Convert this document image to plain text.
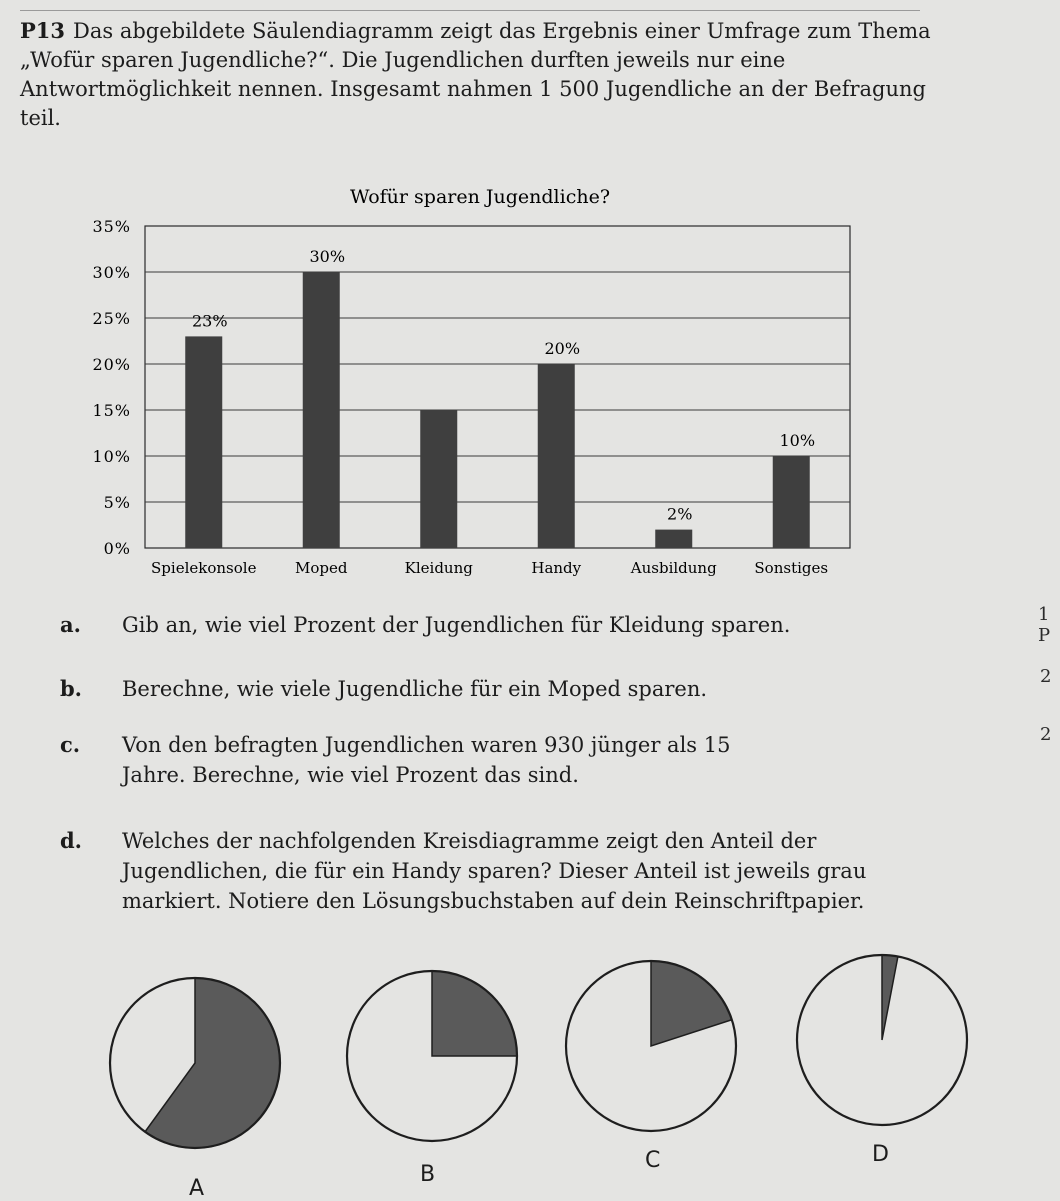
P13 Das abgebildete Säulendiagramm zeigt das Ergebnis einer Umfrage zum Thema „Wofür sparen Jugendliche?“. Die Jugendlichen durften jeweils nur eine Antwortmöglichkeit nennen. Insgesamt nahmen 1 500 Jugendliche an der Befragung teil.
Wofür sparen Jugendliche?
0%
5%
10%
15%
20%
25%
30%
35%
Spielekonsole
23%
Moped
30%
Kleidung	Handy
20%
Ausbildung
2%
Sonstiges
10%
a. Gib an, wie viel Prozent der Jugendlichen für Kleidung sparen.	1 P
b. Berechne, wie viele Jugendliche für ein Moped sparen.
2
c. Von den befragten Jugendlichen waren 930 jünger als 15 Jahre. Berechne, wie viel Prozent das sind.
2
d. Welches der nachfolgenden Kreisdiagramme zeigt den Anteil der Jugendlichen, die für ein Handy sparen? Dieser Anteil ist jeweils grau markiert. Notiere den Lösungsbuchstaben auf dein Reinschriftpapier.
A
B
C	D
